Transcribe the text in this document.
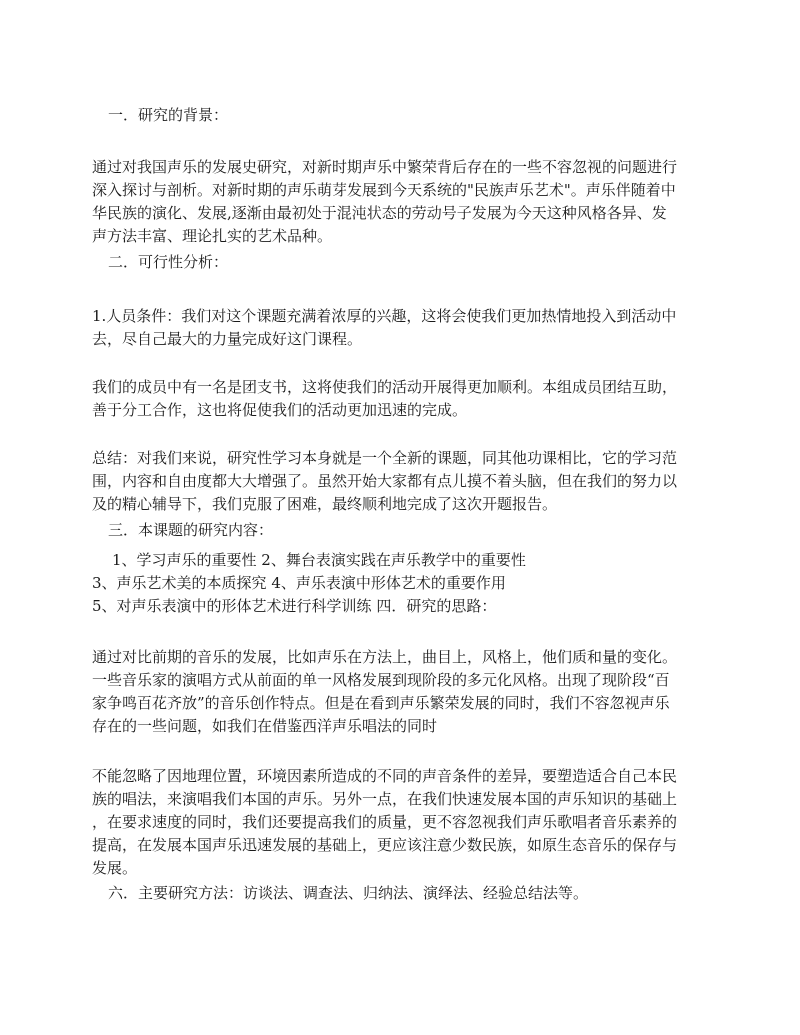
一．研究的背景：
通过对我国声乐的发展史研究，对新时期声乐中繁荣背后存在的一些不容忽视的问题进行
深入探讨与剖析。对新时期的声乐萌芽发展到今天系统的"民族声乐艺术"。声乐伴随着中
华民族的演化、发展,逐渐由最初处于混沌状态的劳动号子发展为今天这种风格各异、发
声方法丰富、理论扎实的艺术品种。
二．可行性分析：
1.人员条件：我们对这个课题充满着浓厚的兴趣，这将会使我们更加热情地投入到活动中
去，尽自己最大的力量完成好这门课程。
我们的成员中有一名是团支书，这将使我们的活动开展得更加顺利。本组成员团结互助，
善于分工合作，这也将促使我们的活动更加迅速的完成。
总结：对我们来说，研究性学习本身就是一个全新的课题，同其他功课相比，它的学习范
围，内容和自由度都大大增强了。虽然开始大家都有点儿摸不着头脑，但在我们的努力以
及的精心辅导下，我们克服了困难，最终顺利地完成了这次开题报告。
三．本课题的研究内容：
1、学习声乐的重要性 2、舞台表演实践在声乐教学中的重要性
3、声乐艺术美的本质探究 4、声乐表演中形体艺术的重要作用
5、对声乐表演中的形体艺术进行科学训练 四．研究的思路：
通过对比前期的音乐的发展，比如声乐在方法上，曲目上，风格上，他们质和量的变化。
一些音乐家的演唱方式从前面的单一风格发展到现阶段的多元化风格。出现了现阶段“百
家争鸣百花齐放”的音乐创作特点。但是在看到声乐繁荣发展的同时，我们不容忽视声乐
存在的一些问题，如我们在借鉴西洋声乐唱法的同时
不能忽略了因地理位置，环境因素所造成的不同的声音条件的差异，要塑造适合自己本民
族的唱法，来演唱我们本国的声乐。另外一点，在我们快速发展本国的声乐知识的基础上
，在要求速度的同时，我们还要提高我们的质量，更不容忽视我们声乐歌唱者音乐素养的
提高，在发展本国声乐迅速发展的基础上，更应该注意少数民族，如原生态音乐的保存与
发展。
六．主要研究方法：访谈法、调查法、归纳法、演绎法、经验总结法等。
